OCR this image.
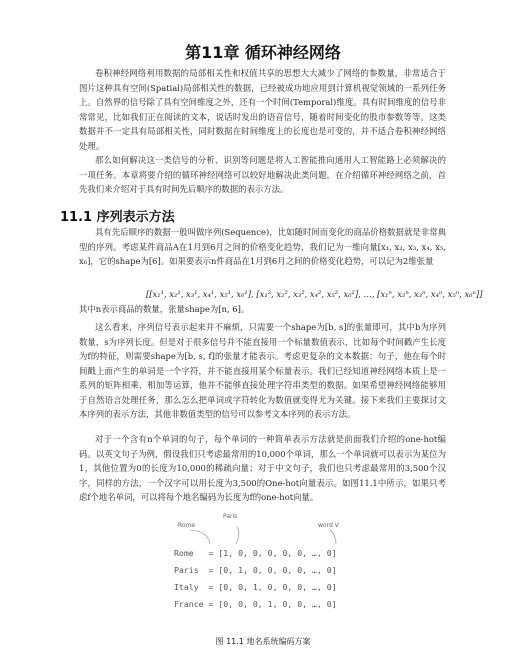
第11章 循环神经网络

卷积神经网络利用数据的局部相关性和权值共享的思想大大减少了网络的参数量，非常适合于图片这种具有空间(Spatial)局部相关性的数据，已经被成功地应用到计算机视觉领域的一系列任务上。自然界的信号除了具有空间维度之外，还有一个时间(Temporal)维度。具有时间维度的信号非常常见，比如我们正在阅读的文本，说话时发出的语音信号，随着时间变化的股市参数等等。这类数据并不一定具有局部相关性，同时数据在时间维度上的长度也是可变的，并不适合卷积神经网络处理。

那么如何解决这一类信号的分析、识别等问题是将人工智能推向通用人工智能路上必须解决的一项任务。本章将要介绍的循环神经网络可以较好地解决此类问题。在介绍循环神经网络之前，首先我们来介绍对于具有时间先后顺序的数据的表示方法。

11.1 序列表示方法

具有先后顺序的数据一般叫做序列(Sequence)，比如随时间而变化的商品价格数据就是非常典型的序列。考虑某件商品A在1月到6月之间的价格变化趋势，我们记为一维向量[x₁, x₂, x₃, x₄, x₅, x₆]，它的shape为[6]。如果要表示n件商品在1月到6月之间的价格变化趋势，可以记为2维张量

[[x₁¹, x₂¹, x₃¹, x₄¹, x₅¹, x₆¹], [x₁², x₂², x₃², x₄², x₅², x₆²], …, [x₁ⁿ, x₂ⁿ, x₃ⁿ, x₄ⁿ, x₅ⁿ, x₆ⁿ]]

其中n表示商品的数量，张量shape为[n, 6]。

这么看来，序列信号表示起来并不麻烦，只需要一个shape为[b, s]的张量即可，其中b为序列数量，s为序列长度。但是对于很多信号并不能直接用一个标量数值表示，比如每个时间戳产生长度为f的特征，则需要shape为[b, s, f]的张量才能表示。考虑更复杂的文本数据：句子，他在每个时间戳上面产生的单词是一个字符，并不能直接用某个标量表示。我们已经知道神经网络本质上是一系列的矩阵相乘、相加等运算，他并不能够直接处理字符串类型的数据。如果希望神经网络能够用于自然语言处理任务，那么怎么把单词或字符转化为数值就变得尤为关键。接下来我们主要探讨文本序列的表示方法，其他非数值类型的信号可以参考文本序列的表示方法。

对于一个含有n个单词的句子，每个单词的一种简单表示方法就是前面我们介绍的one-hot编码。以英文句子为例，假设我们只考虑最常用的10,000个单词，那么一个单词就可以表示为某位为1，其他位置为0的长度为10,000的稀疏向量；对于中文句子，我们也只考虑最常用的3,500个汉字，同样的方法，一个汉字可以用长度为3,500的One-hot向量表示。如图11.1中所示，如果只考虑f个地名单词，可以将每个地名编码为长度为f的one-hot向量。

Rome
Paris
word V
Rome   = [1, 0, 0, 0, 0, 0, …, 0]
Paris  = [0, 1, 0, 0, 0, 0, …, 0]
Italy  = [0, 0, 1, 0, 0, 0, …, 0]
France = [0, 0, 0, 1, 0, 0, …, 0]
图 11.1 地名系统编码方案
